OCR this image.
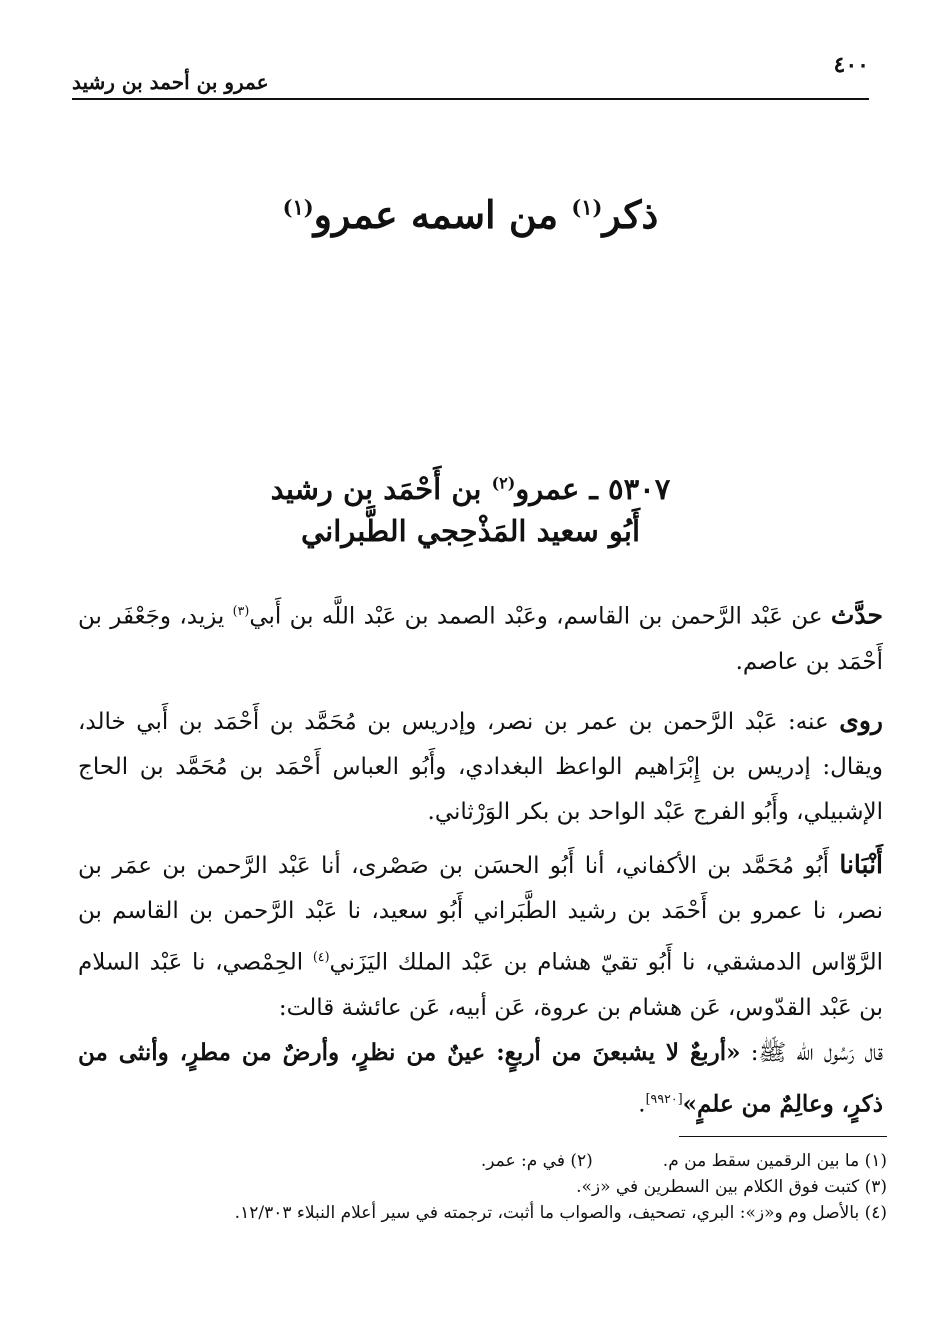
٤٠٠
عمرو بن أحمد بن رشيد
ذكر$^{(١)}$ من اسمه عمرو$^{(١)}$
٥٣٠٧ ـ عمرو$^{(٢)}$ بن أَحْمَد بن رشيد
أَبُو سعيد المَذْحِجي الطَّبراني
حدَّث عن عَبْد الرَّحمن بن القاسم، وعَبْد الصمد بن عَبْد اللَّه بن أَبي$^{(٣)}$ يزيد، وجَعْفَر بن أَحْمَد بن عاصم.
روى عنه: عَبْد الرَّحمن بن عمر بن نصر، وإدريس بن مُحَمَّد بن أَحْمَد بن أَبي خالد، ويقال: إدريس بن إِبْرَاهيم الواعظ البغدادي، وأَبُو العباس أَحْمَد بن مُحَمَّد بن الحاج الإشبيلي، وأَبُو الفرج عَبْد الواحد بن بكر الوَرْثاني.
أَنْبَانا أَبُو مُحَمَّد بن الأكفاني، أنا أَبُو الحسَن بن صَصْرى، أنا عَبْد الرَّحمن بن عمَر بن نصر، نا عمرو بن أَحْمَد بن رشيد الطَّبَراني أَبُو سعيد، نا عَبْد الرَّحمن بن القاسم بن الرَّوّاس الدمشقي، نا أَبُو تقيّ هشام بن عَبْد الملك اليَزَني$^{(٤)}$ الحِمْصي، نا عَبْد السلام بن عَبْد القدّوس، عَن هشام بن عروة، عَن أبيه، عَن عائشة قالت:
قال رَسُول الله ﷺ: «أربعٌ لا يشبعنَ من أربعٍ: عينٌ من نظرٍ، وأرضٌ من مطرٍ، وأنثى من ذكرٍ، وعالِمٌ من علمٍ»[٩٩٢٠].
(١) ما بين الرقمين سقط من م.
(٢) في م: عمر.
(٣) كتبت فوق الكلام بين السطرين في «ز».
(٤) بالأصل وم و«ز»: البري، تصحيف، والصواب ما أثبت، ترجمته في سير أعلام النبلاء ١٢/٣٠٣.
